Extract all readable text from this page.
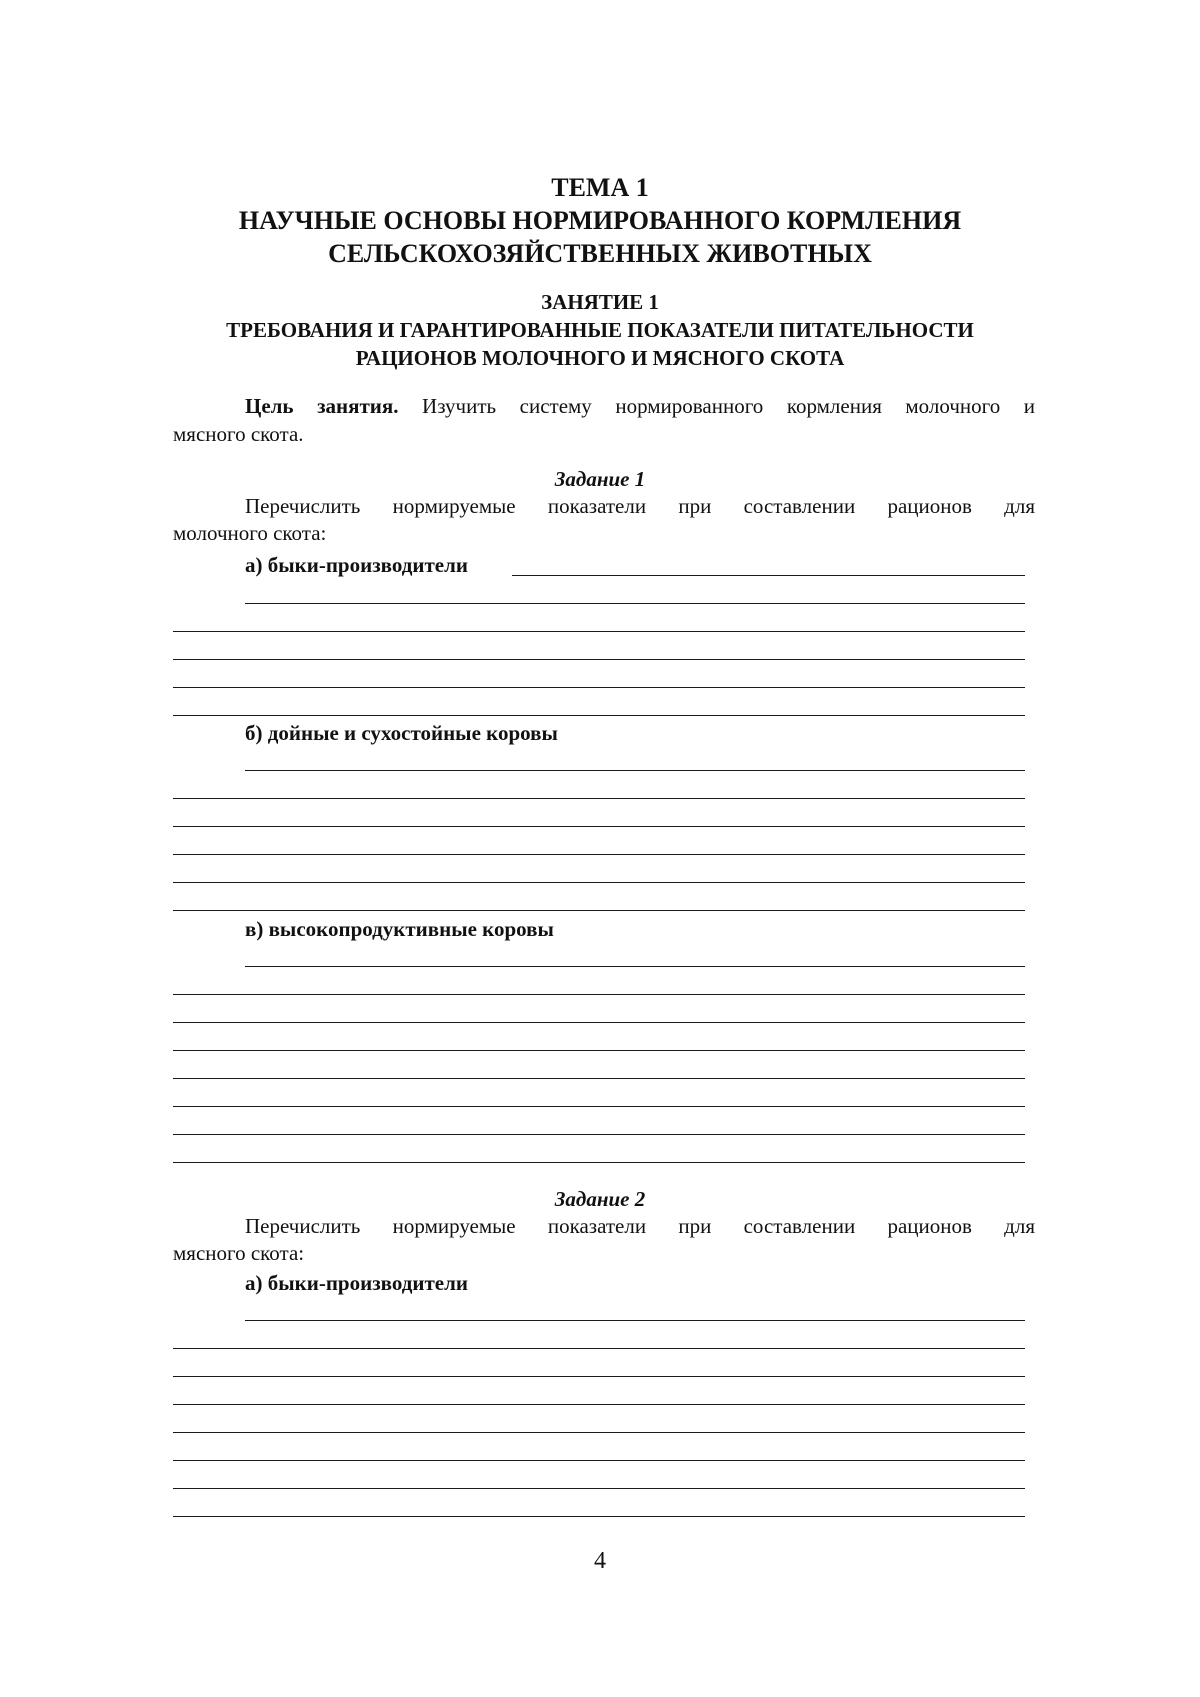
ТЕМА 1
НАУЧНЫЕ ОСНОВЫ НОРМИРОВАННОГО КОРМЛЕНИЯ
СЕЛЬСКОХОЗЯЙСТВЕННЫХ ЖИВОТНЫХ
ЗАНЯТИЕ 1
ТРЕБОВАНИЯ И ГАРАНТИРОВАННЫЕ ПОКАЗАТЕЛИ ПИТАТЕЛЬНОСТИ
РАЦИОНОВ МОЛОЧНОГО И МЯСНОГО СКОТА
Цель занятия. Изучить систему нормированного кормления молочного и
мясного скота.
Задание 1
Перечислить нормируемые показатели при составлении рационов для
молочного скота:
а) быки-производители
б) дойные и сухостойные коровы
в) высокопродуктивные коровы
Задание 2
Перечислить нормируемые показатели при составлении рационов для
мясного скота:
а) быки-производители
4
